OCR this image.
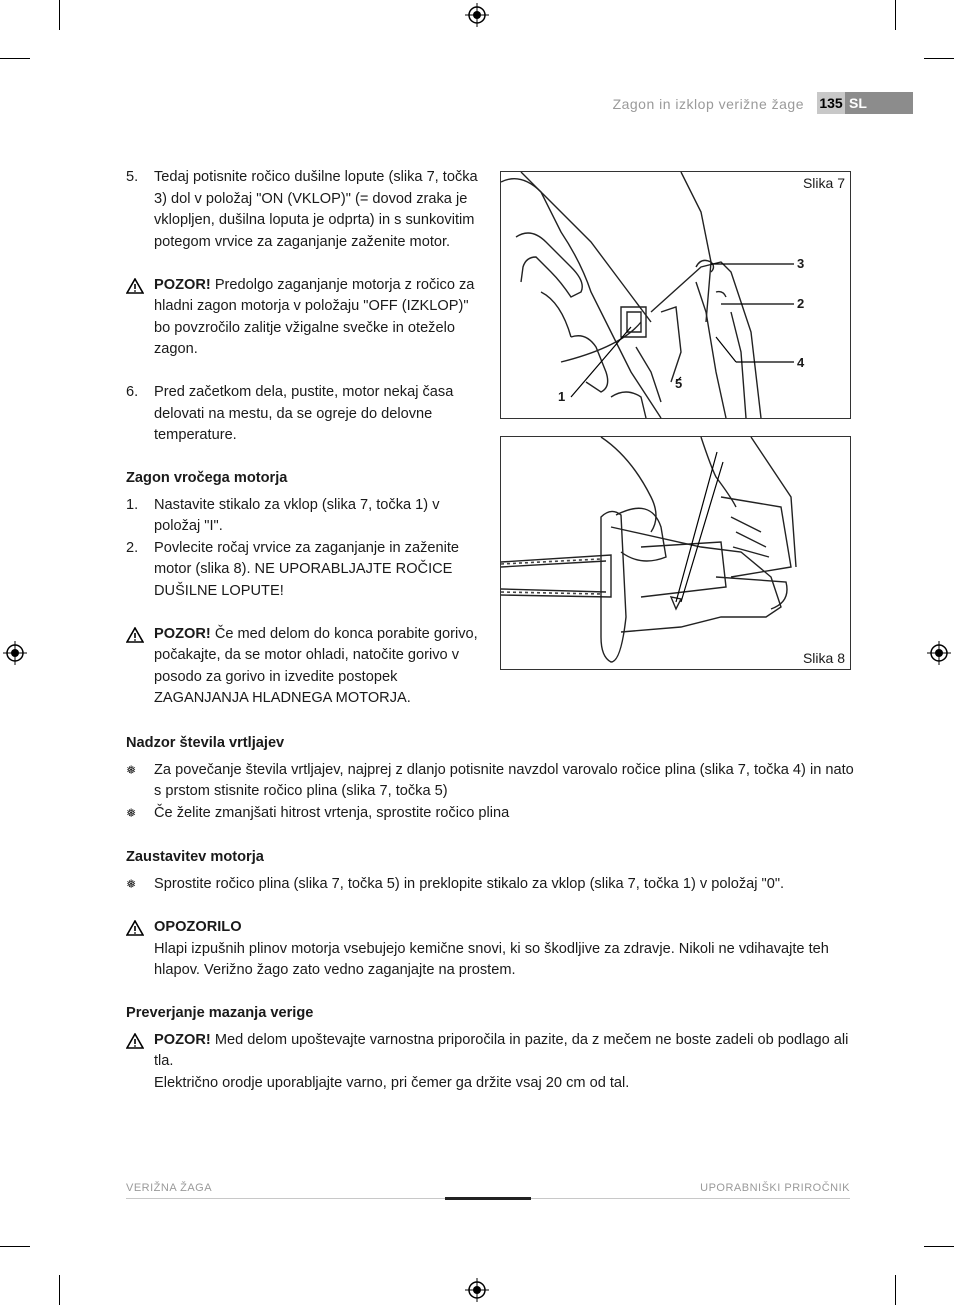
Zagon in izklop verižne žage 135 SL
5. Tedaj potisnite ročico dušilne lopute (slika 7, točka 3) dol v položaj "ON (VKLOP)" (= dovod zraka je vklopljen, dušilna loputa je odprta) in s sunkovitim potegom vrvice za zaganjanje zaženite motor.
POZOR! Predolgo zaganjanje motorja z ročico za hladni zagon motorja v položaju "OFF (IZKLOP)" bo povzročilo zalitje vžigalne svečke in oteželo zagon.
6. Pred začetkom dela, pustite, motor nekaj časa delovati na mestu, da se ogreje do delovne temperature.
Zagon vročega motorja
1. Nastavite stikalo za vklop (slika 7, točka 1) v položaj "I".
2. Povlecite ročaj vrvice za zaganjanje in zaženite motor (slika 8). NE UPORABLJAJTE ROČICE DUŠILNE LOPUTE!
POZOR! Če med delom do konca porabite gorivo, počakajte, da se motor ohladi, natočite gorivo v posodo za gorivo in izvedite postopek ZAGANJANJA HLADNEGA MOTORJA.
Slika 7
3
2
4
1
5
Slika 8
Nadzor števila vrtljajev
❅ Za povečanje števila vrtljajev, najprej z dlanjo potisnite navzdol varovalo ročice plina (slika 7, točka 4) in nato s prstom stisnite ročico plina (slika 7, točka 5)
❅ Če želite zmanjšati hitrost vrtenja, sprostite ročico plina
Zaustavitev motorja
❅ Sprostite ročico plina (slika 7, točka 5) in preklopite stikalo za vklop (slika 7, točka 1) v položaj "0".
OPOZORILO
Hlapi izpušnih plinov motorja vsebujejo kemične snovi, ki so škodljive za zdravje. Nikoli ne vdihavajte teh hlapov. Verižno žago zato vedno zaganjajte na prostem.
Preverjanje mazanja verige
POZOR! Med delom upoštevajte varnostna priporočila in pazite, da z mečem ne boste zadeli ob podlago ali tla.
Električno orodje uporabljajte varno, pri čemer ga držite vsaj 20 cm od tal.
VERIŽNA ŽAGA	UPORABNIŠKI PRIROČNIK
